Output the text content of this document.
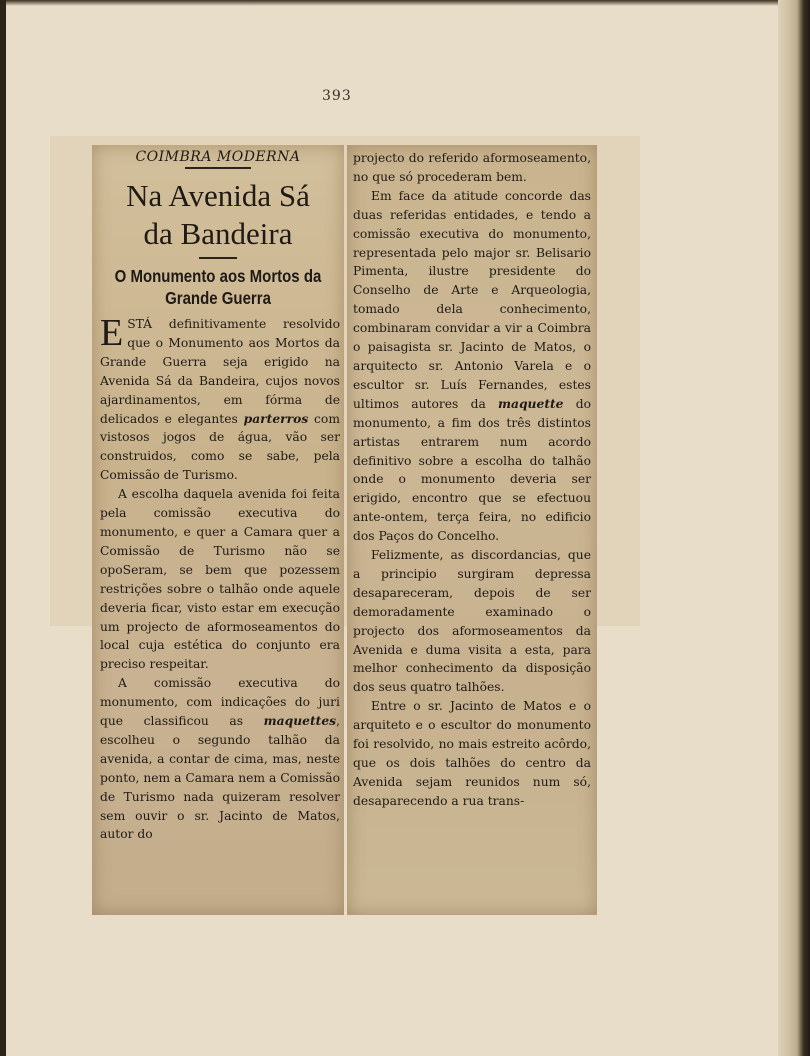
393
COIMBRA MODERNA
Na Avenida Sá
da Bandeira
O Monumento aos Mortos da
Grande Guerra

ESTÁ definitivamente resolvido que o Monumento aos Mortos da Grande Guerra seja erigido na Avenida Sá da Bandeira, cujos novos ajardinamentos, em fórma de delicados e elegantes parterros com vistosos jogos de água, vão ser construidos, como se sabe, pela Comissão de Turismo.

A escolha daquela avenida foi feita pela comissão executiva do monumento, e quer a Camara quer a Comissão de Turismo não se opoSeram, se bem que pozessem restrições sobre o talhão onde aquele deveria ficar, visto estar em execução um projecto de aformoseamentos do local cuja estética do conjunto era preciso respeitar.

A comissão executiva do monumento, com indicações do juri que classificou as maquettes, escolheu o segundo talhão da avenida, a contar de cima, mas, neste ponto, nem a Camara nem a Comissão de Turismo nada quizeram resolver sem ouvir o sr. Jacinto de Matos, autor do

projecto do referido aformoseamento, no que só procederam bem.

Em face da atitude concorde das duas referidas entidades, e tendo a comissão executiva do monumento, representada pelo major sr. Belisario Pimenta, ilustre presidente do Conselho de Arte e Arqueologia, tomado dela conhecimento, combinaram convidar a vir a Coimbra o paisagista sr. Jacinto de Matos, o arquitecto sr. Antonio Varela e o escultor sr. Luís Fernandes, estes ultimos autores da maquette do monumento, a fim dos três distintos artistas entrarem num acordo definitivo sobre a escolha do talhão onde o monumento deveria ser erigido, encontro que se efectuou ante-ontem, terça feira, no edificio dos Paços do Concelho.

Felizmente, as discordancias, que a principio surgiram depressa desapareceram, depois de ser demoradamente examinado o projecto dos aformoseamentos da Avenida e duma visita a esta, para melhor conhecimento da disposição dos seus quatro talhões.

Entre o sr. Jacinto de Matos e o arquiteto e o escultor do monumento foi resolvido, no mais estreito acôrdo, que os dois talhões do centro da Avenida sejam reunidos num só, desaparecendo a rua trans-
